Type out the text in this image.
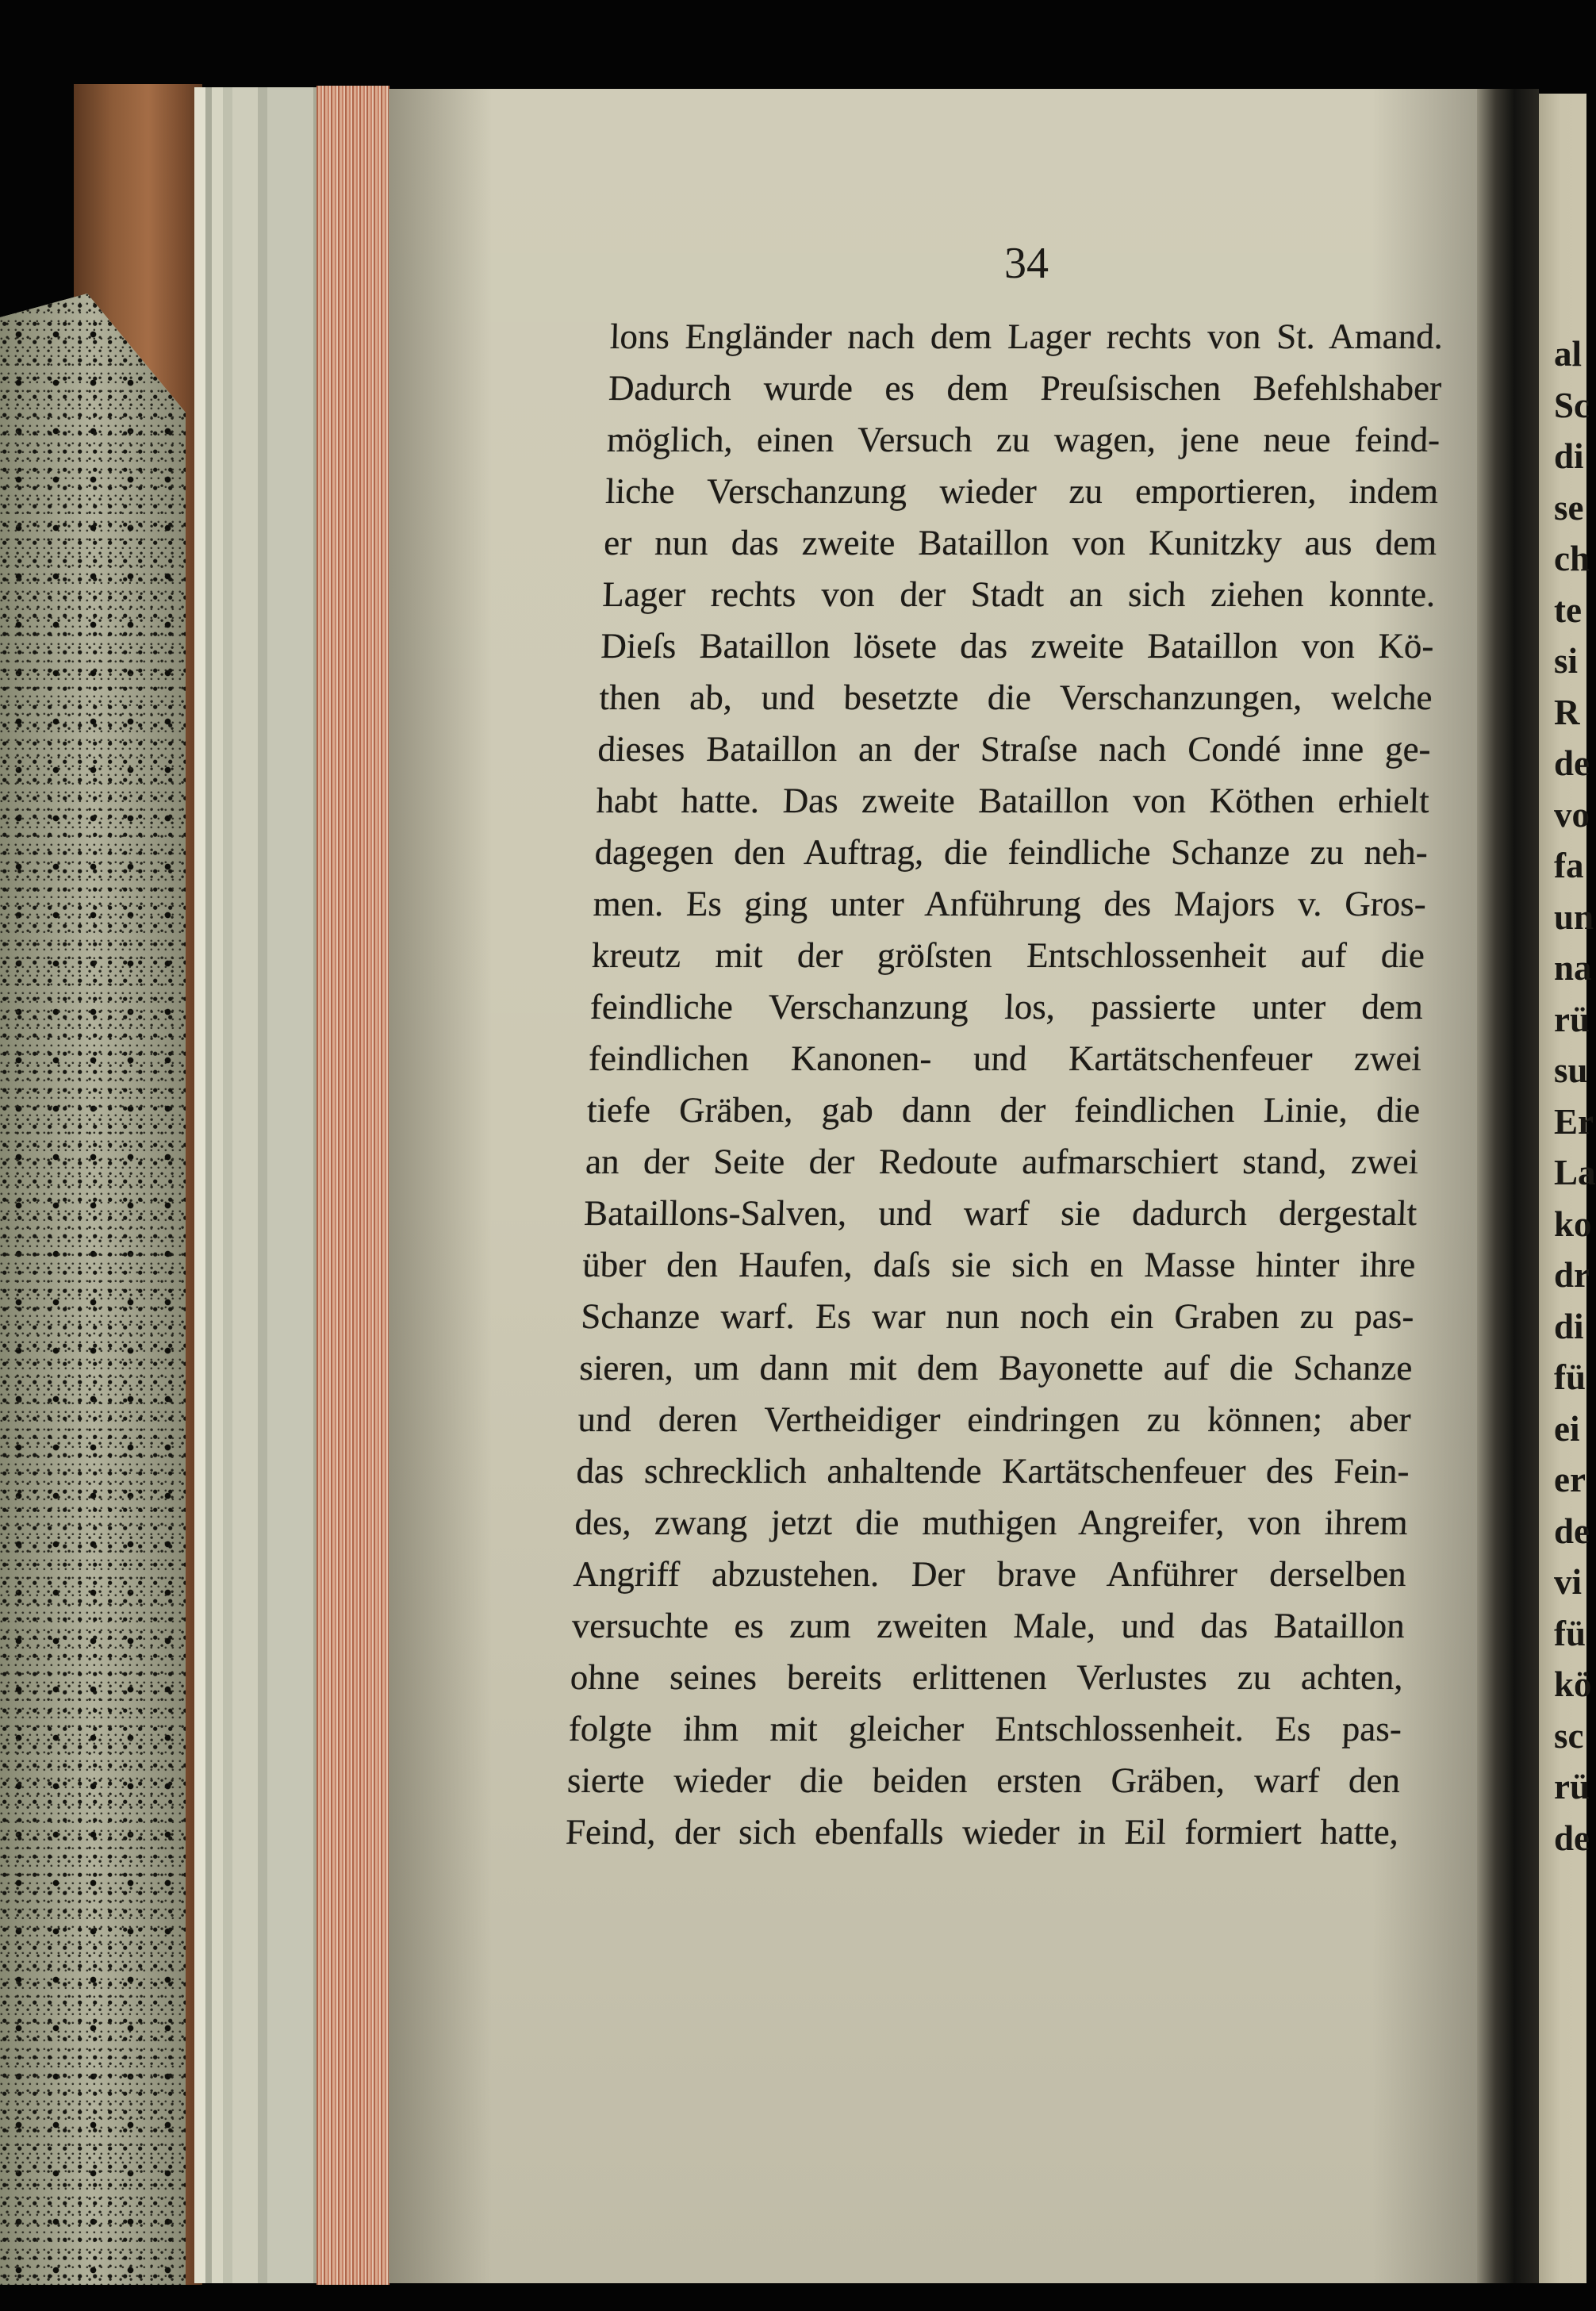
al
Sc
di
se
ch
te
si
R
de
vo
fa
un
na
rü
su
Er
La
ko
dr
di
fü
ei
er
de
vi
fü
kö
sc
rü
de
34
lons Engländer nach dem Lager rechts von St. Amand.
Dadurch wurde es dem Preuſsischen Befehlshaber
möglich, einen Versuch zu wagen, jene neue feind-
liche Verschanzung wieder zu emportieren, indem
er nun das zweite Bataillon von Kunitzky aus dem
Lager rechts von der Stadt an sich ziehen konnte.
Dieſs Bataillon lösete das zweite Bataillon von Kö-
then ab, und besetzte die Verschanzungen, welche
dieses Bataillon an der Straſse nach Condé inne ge-
habt hatte. Das zweite Bataillon von Köthen erhielt
dagegen den Auftrag, die feindliche Schanze zu neh-
men. Es ging unter Anführung des Majors v. Gros-
kreutz mit der gröſsten Entschlossenheit auf die
feindliche Verschanzung los, passierte unter dem
feindlichen Kanonen- und Kartätschenfeuer zwei
tiefe Gräben, gab dann der feindlichen Linie, die
an der Seite der Redoute aufmarschiert stand, zwei
Bataillons-Salven, und warf sie dadurch dergestalt
über den Haufen, daſs sie sich en Masse hinter ihre
Schanze warf. Es war nun noch ein Graben zu pas-
sieren, um dann mit dem Bayonette auf die Schanze
und deren Vertheidiger eindringen zu können; aber
das schrecklich anhaltende Kartätschenfeuer des Fein-
des, zwang jetzt die muthigen Angreifer, von ihrem
Angriff abzustehen. Der brave Anführer derselben
versuchte es zum zweiten Male, und das Bataillon
ohne seines bereits erlittenen Verlustes zu achten,
folgte ihm mit gleicher Entschlossenheit. Es pas-
sierte wieder die beiden ersten Gräben, warf den
Feind, der sich ebenfalls wieder in Eil formiert hatte,
